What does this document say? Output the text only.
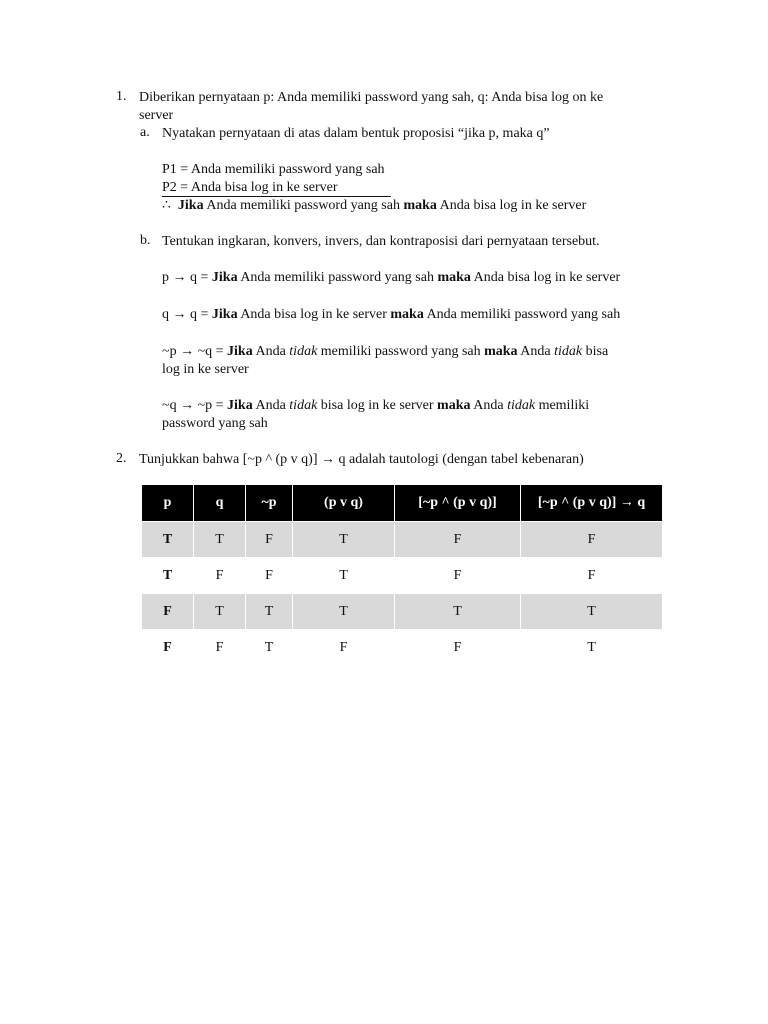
1. Diberikan pernyataan p: Anda memiliki password yang sah, q: Anda bisa log on ke
server
a. Nyatakan pernyataan di atas dalam bentuk proposisi “jika p, maka q”
P1 = Anda memiliki password yang sah
P2 = Anda bisa log in ke server
∴ Jika Anda memiliki password yang sah maka Anda bisa log in ke server
b. Tentukan ingkaran, konvers, invers, dan kontraposisi dari pernyataan tersebut.
p → q = Jika Anda memiliki password yang sah maka Anda bisa log in ke server
q → q = Jika Anda bisa log in ke server maka Anda memiliki password yang sah
~p → ~q = Jika Anda tidak memiliki password yang sah maka Anda tidak bisa
log in ke server
~q → ~p = Jika Anda tidak bisa log in ke server maka Anda tidak memiliki
password yang sah
2. Tunjukkan bahwa [~p ^ (p v q)] → q adalah tautologi (dengan tabel kebenaran)
p	q	~p	(p v q)	[~p ^ (p v q)]	[~p ^ (p v q)] → q
T	T	F	T	F	F
T	F	F	T	F	F
F	T	T	T	T	T
F	F	T	F	F	T
